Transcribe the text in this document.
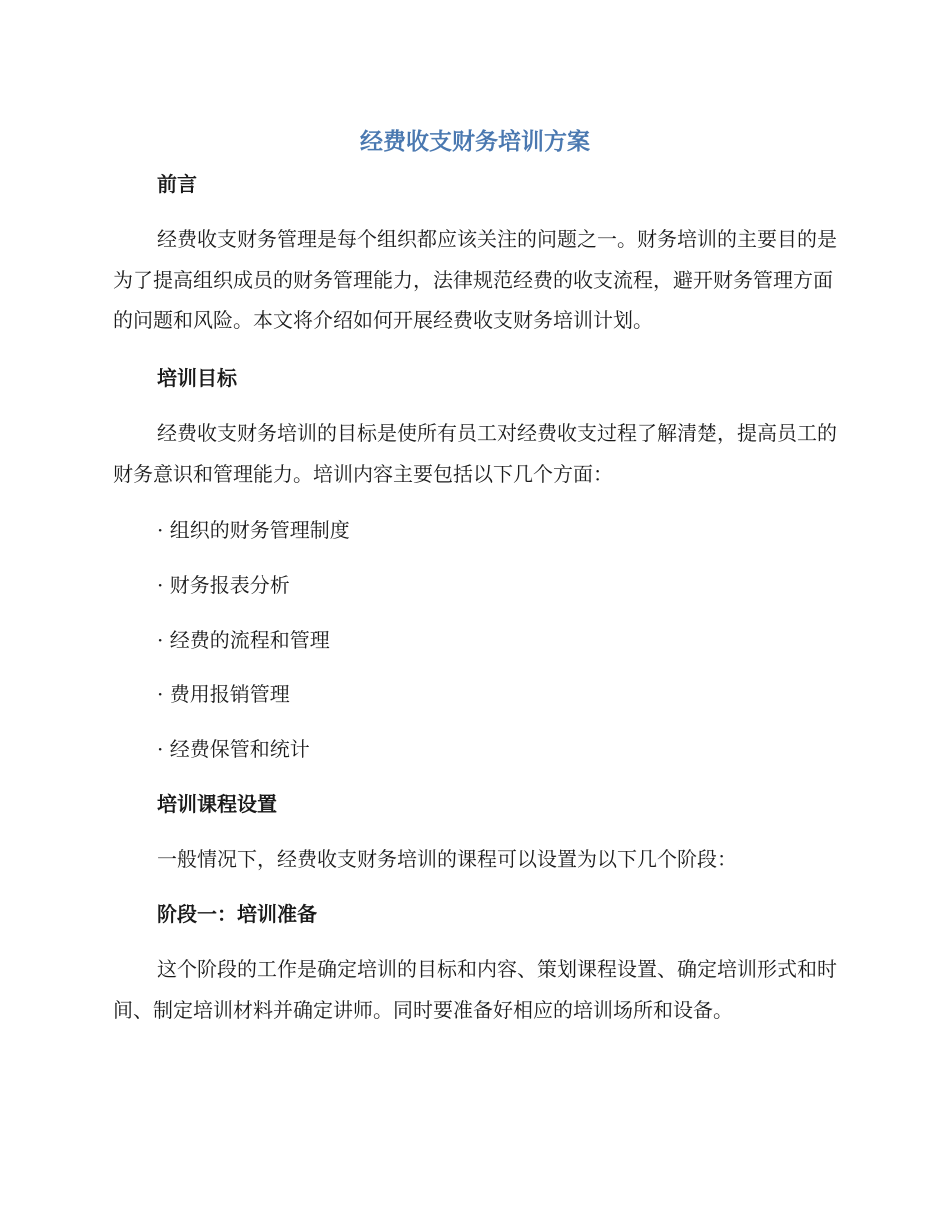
经费收支财务培训方案
前言

经费收支财务管理是每个组织都应该关注的问题之一。财务培训的主要目的是为了提高组织成员的财务管理能力，法律规范经费的收支流程，避开财务管理方面的问题和风险。本文将介绍如何开展经费收支财务培训计划。

培训目标

经费收支财务培训的目标是使所有员工对经费收支过程了解清楚，提高员工的财务意识和管理能力。培训内容主要包括以下几个方面：

· 组织的财务管理制度
· 财务报表分析
· 经费的流程和管理
· 费用报销管理
· 经费保管和统计
培训课程设置

一般情况下，经费收支财务培训的课程可以设置为以下几个阶段：

阶段一：培训准备

这个阶段的工作是确定培训的目标和内容、策划课程设置、确定培训形式和时间、制定培训材料并确定讲师。同时要准备好相应的培训场所和设备。
